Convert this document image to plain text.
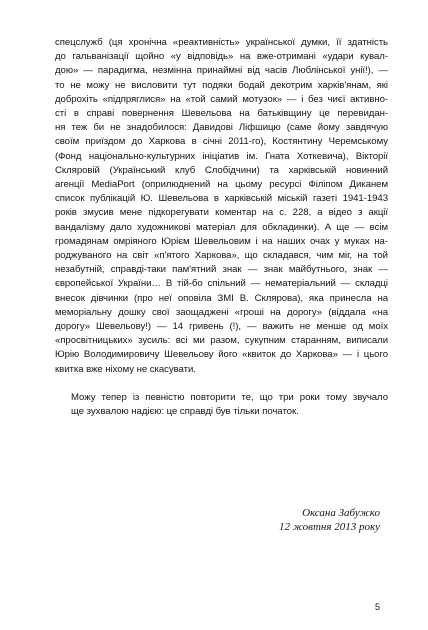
спецслужб (ця хронічна «реактивність» української думки, її здатність
до гальванізації щойно «у відповідь» на вже-отримані «удари кувал-
дою» — парадигма, незмінна принаймні від часів Люблінської унії!), —
то не можу не висловити тут подяки бодай декотрим харків'янам, які
доброхіть «підпряглися» на «той самий мотузок» — і без чиєї активно-
сті в справі повернення Шевельова на батьківщину це перевидан-
ня теж би не знадобилося: Давидові Ліфшицю (саме йому завдячую
своїм приїздом до Харкова в січні 2011-го), Костянтину Черемському
(Фонд національно-культурних ініціатив ім. Гната Хоткевича), Вікторії
Скляровій (Український клуб Слобідчини) та харківській новинний
агенції MediaPort (оприлюднений на цьому ресурсі Філіпом Диканем
список публікацій Ю. Шевельова в харківській міській газеті 1941-1943
років змусив мене підкорегувати коментар на с. 228, а відео з акції
вандалізму дало художникові матеріал для обкладинки). А ще — всім
громадянам омріяного Юрієм Шевельовим і на наших очах у муках на-
роджуваного на світ «п'ятого Харкова», що складався, чим міг, на той
незабутній, справді-таки пам'ятний знак — знак майбутнього, знак —
європейської України… В тій-бо спільний — нематеріальний — складці
внесок дівчинки (про неї оповіла ЗМІ В. Склярова), яка принесла на
меморіальну дошку свої заощаджені «гроші на дорогу» (віддала «на
дорогу» Шевельову!) — 14 гривень (!), — важить не менше од моїх
«просвітницьких» зусиль: всі ми разом, сукупним старанням, виписали
Юрію Володимировичу Шевельову його «квиток до Харкова» — і цього
квитка вже ніхому не скасувати.

Можу тепер із певністю повторити те, що три роки тому звучало
ще зухвалою надією: це справді був тільки початок.

Оксана Забужко
12 жовтня 2013 року
5
